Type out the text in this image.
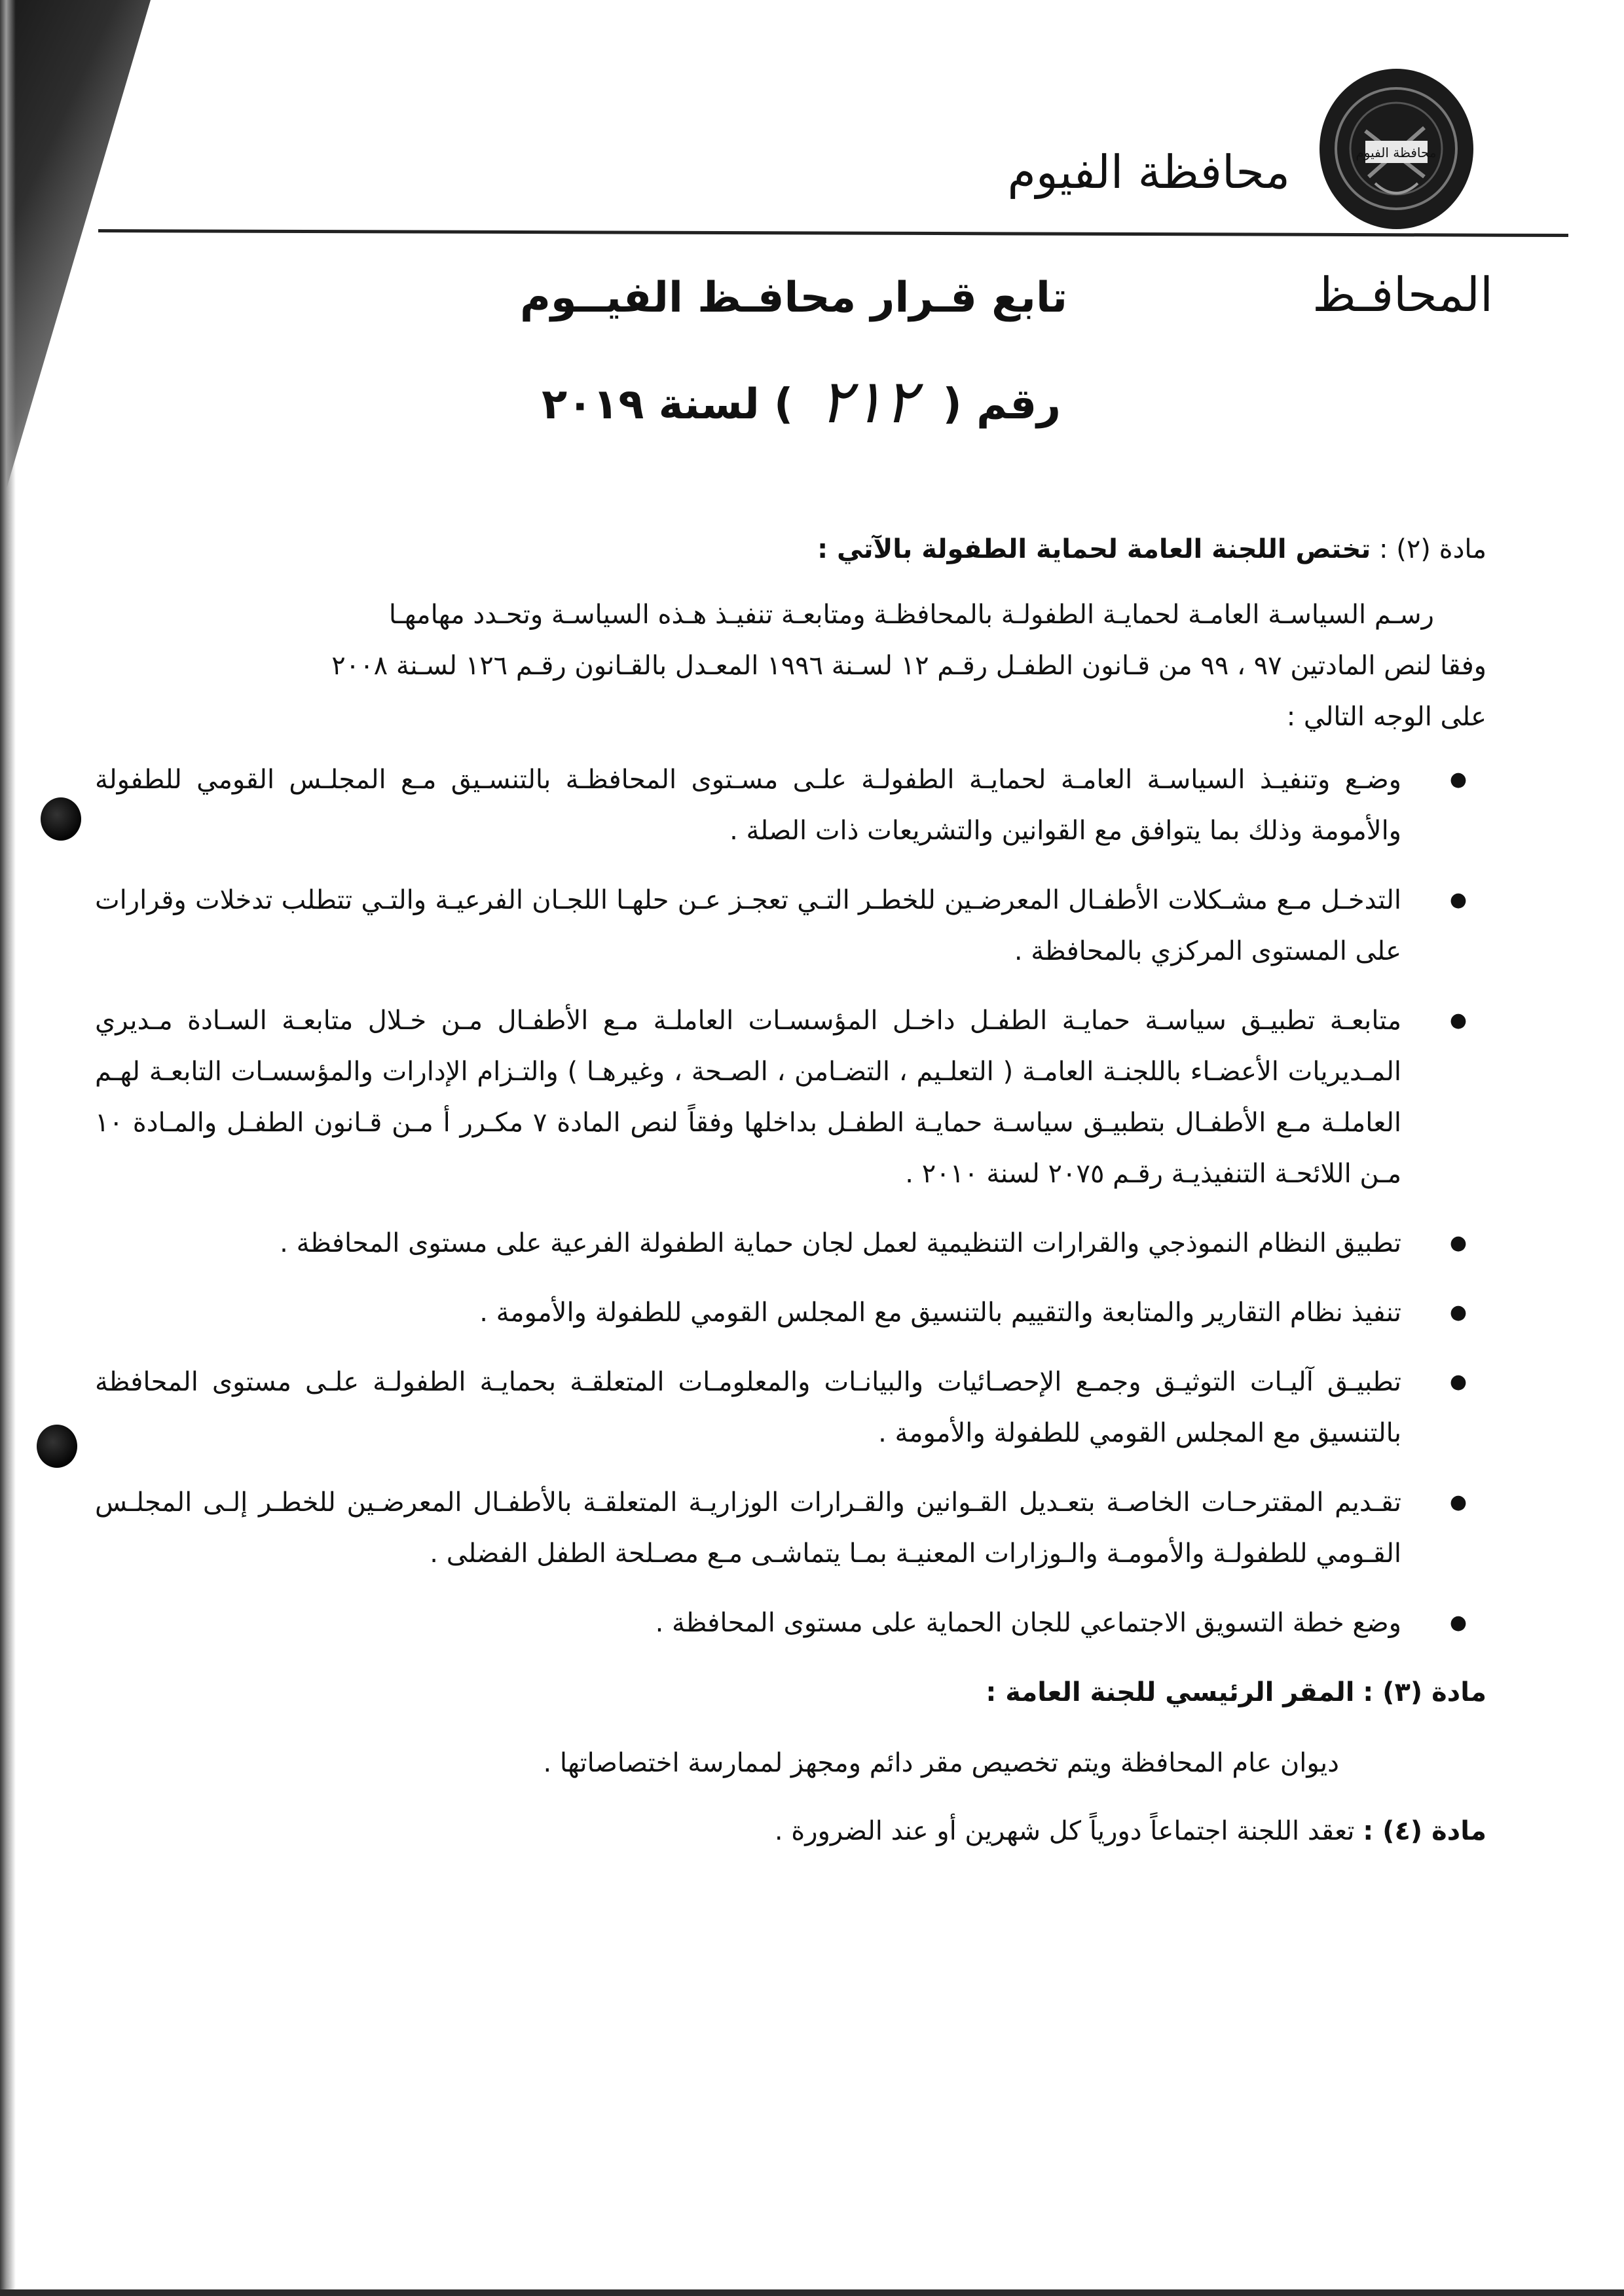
محافظة الفيوم
محافظة الفيوم
المحافـظ
تابع قـرار محافـظ الفيــوم
رقم (٢١٢) لسنة ٢٠١٩

مادة (٢) : تختص اللجنة العامة لحماية الطفولة بالآتي :

رسـم السياسـة العامـة لحمايـة الطفولـة بالمحافظـة ومتابعـة تنفيـذ هـذه السياسـة وتحـدد مهامهـا

وفقا لنص المادتين ٩٧ ، ٩٩ من قـانون الطفـل رقـم ١٢ لسـنة ١٩٩٦ المعـدل بالقـانون رقـم ١٢٦ لسـنة ٢٠٠٨

على الوجه التالي :

● وضـع وتنفيـذ السياسـة العامـة لحمايـة الطفولـة علـى مسـتوى المحافظـة بالتنسـيق مـع المجلـس القومي للطفولة والأمومة وذلك بما يتوافق مع القوانين والتشريعات ذات الصلة .
● التدخـل مـع مشـكلات الأطفـال المعرضـين للخطـر التـي تعجـز عـن حلهـا اللجـان الفرعيـة والتـي تتطلب تدخلات وقرارات على المستوى المركزي بالمحافظة .
● متابعـة تطبيـق سياسـة حمايـة الطفـل داخـل المؤسسـات العاملـة مـع الأطفـال مـن خـلال متابعـة السـادة مـديري المـديريات الأعضـاء باللجنـة العامـة ( التعلـيم ، التضـامن ، الصـحة ، وغيرهـا ) والتـزام الإدارات والمؤسسـات التابعـة لهـم العاملـة مـع الأطفـال بتطبيـق سياسـة حمايـة الطفـل بداخلها وفقاً لنص المادة ٧ مكـرر أ مـن قـانون الطفـل والمـادة ١٠ مـن اللائحـة التنفيذيـة رقـم ٢٠٧٥ لسنة ٢٠١٠ .
● تطبيق النظام النموذجي والقرارات التنظيمية لعمل لجان حماية الطفولة الفرعية على مستوى المحافظة .
● تنفيذ نظام التقارير والمتابعة والتقييم بالتنسيق مع المجلس القومي للطفولة والأمومة .
● تطبيـق آليـات التوثيـق وجمـع الإحصـائيات والبيانـات والمعلومـات المتعلقـة بحمايـة الطفولـة علـى مستوى المحافظة بالتنسيق مع المجلس القومي للطفولة والأمومة .
● تقـديم المقترحـات الخاصـة بتعـديل القـوانين والقـرارات الوزاريـة المتعلقـة بالأطفـال المعرضـين للخطـر إلـى المجلـس القـومي للطفولـة والأمومـة والـوزارات المعنيـة بمـا يتماشـى مـع مصـلحة الطفل الفضلى .
● وضع خطة التسويق الاجتماعي للجان الحماية على مستوى المحافظة .

مادة (٣) : المقر الرئيسي للجنة العامة :

ديوان عام المحافظة ويتم تخصيص مقر دائم ومجهز لممارسة اختصاصاتها .

مادة (٤) : تعقد اللجنة اجتماعاً دورياً كل شهرين أو عند الضرورة .
